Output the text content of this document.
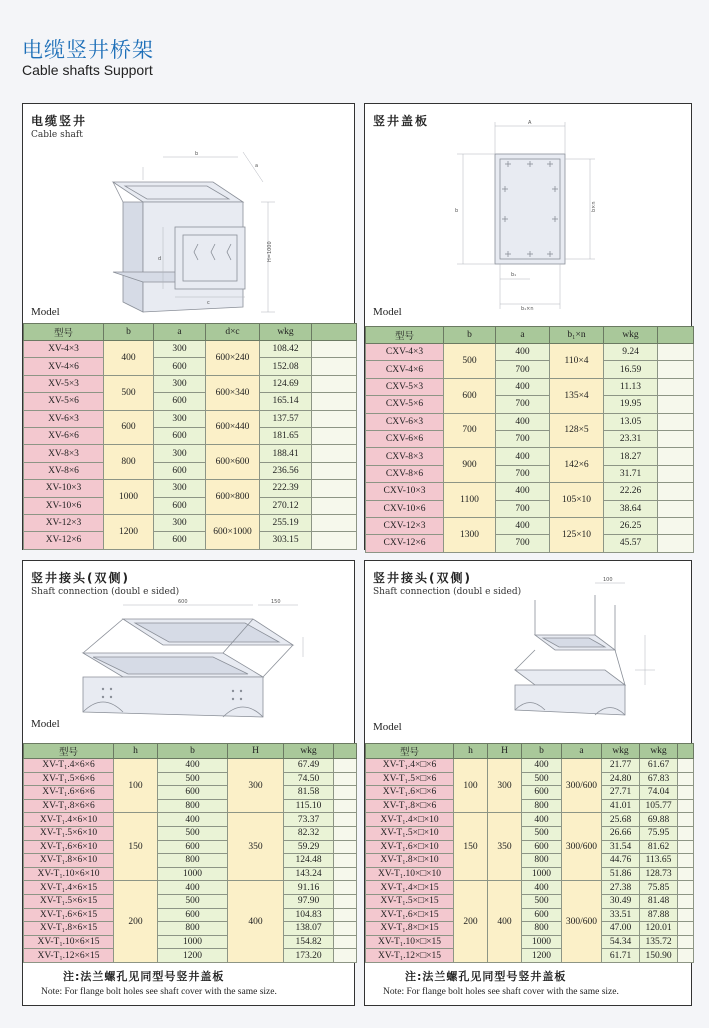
电缆竖井桥架
Cable shafts Support
电缆竖井
Cable shaft
b
a
d
c
H=1000
Model
型号	b	a	d×c	wkg	
XV-4×3	400	300	600×240	108.42	
XV-4×6		600		152.08	
XV-5×3	500	300	600×340	124.69	
XV-5×6		600		165.14	
XV-6×3	600	300	600×440	137.57	
XV-6×6		600		181.65	
XV-8×3	800	300	600×600	188.41	
XV-8×6		600		236.56	
XV-10×3	1000	300	600×800	222.39	
XV-10×6		600		270.12	
XV-12×3	1200	300	600×1000	255.19	
XV-12×6		600		303.15	
竖井盖板	A
b	b×n
b₁
b₁×n
Model
型号	b	a	b₁×n	wkg	
CXV-4×3	500	400	110×4	9.24	
CXV-4×6		700		16.59	
CXV-5×3	600	400	135×4	11.13	
CXV-5×6		700		19.95	
CXV-6×3	700	400	128×5	13.05	
CXV-6×6		700		23.31	
CXV-8×3	900	400	142×6	18.27	
CXV-8×6		700		31.71	
CXV-10×3	1100	400	105×10	22.26	
CXV-10×6		700		38.64	
CXV-12×3	1300	400	125×10	26.25	
CXV-12×6		700		45.57	
竖井接头(双侧)
Shaft connection (doubl e sided)
600	150
Model
型号	h	b	H	wkg	
XV-T₁.4×6×6	100	400	300	67.49	
XV-T₁.5×6×6		500		74.50	
XV-T₁.6×6×6		600		81.58	
XV-T₁.8×6×6		800		115.10	
XV-T₁.4×6×10	150	400	350	73.37	
XV-T₁.5×6×10		500		82.32	
XV-T₁.6×6×10		600		59.29	
XV-T₁.8×6×10		800		124.48	
XV-T₁.10×6×10		1000		143.24	
XV-T₁.4×6×15	200	400	400	91.16	
XV-T₁.5×6×15		500		97.90	
XV-T₁.6×6×15		600		104.83	
XV-T₁.8×6×15		800		138.07	
XV-T₁.10×6×15		1000		154.82	
XV-T₁.12×6×15		1200		173.20	
注:法兰螺孔见同型号竖井盖板
Note: For flange bolt holes see shaft cover with the same size.
竖井接头(双侧)
Shaft connection (doubl e sided)
100
Model
型号	h	H	b	a	wkg	wkg	
XV-T₁.4×□×6	100	300	400	300/600	21.77	61.67	
XV-T₁.5×□×6			500		24.80	67.83	
XV-T₁.6×□×6			600		27.71	74.04	
XV-T₁.8×□×6			800		41.01	105.77	
XV-T₁.4×□×10	150	350	400	300/600	25.68	69.88	
XV-T₁.5×□×10			500		26.66	75.95	
XV-T₁.6×□×10			600		31.54	81.62	
XV-T₁.8×□×10			800		44.76	113.65	
XV-T₁.10×□×10			1000		51.86	128.73	
XV-T₁.4×□×15	200	400	400	300/600	27.38	75.85	
XV-T₁.5×□×15			500		30.49	81.48	
XV-T₁.6×□×15			600		33.51	87.88	
XV-T₁.8×□×15			800		47.00	120.01	
XV-T₁.10×□×15			1000		54.34	135.72	
XV-T₁.12×□×15			1200		61.71	150.90	
注:法兰螺孔见同型号竖井盖板
Note: For flange bolt holes see shaft cover with the same size.
